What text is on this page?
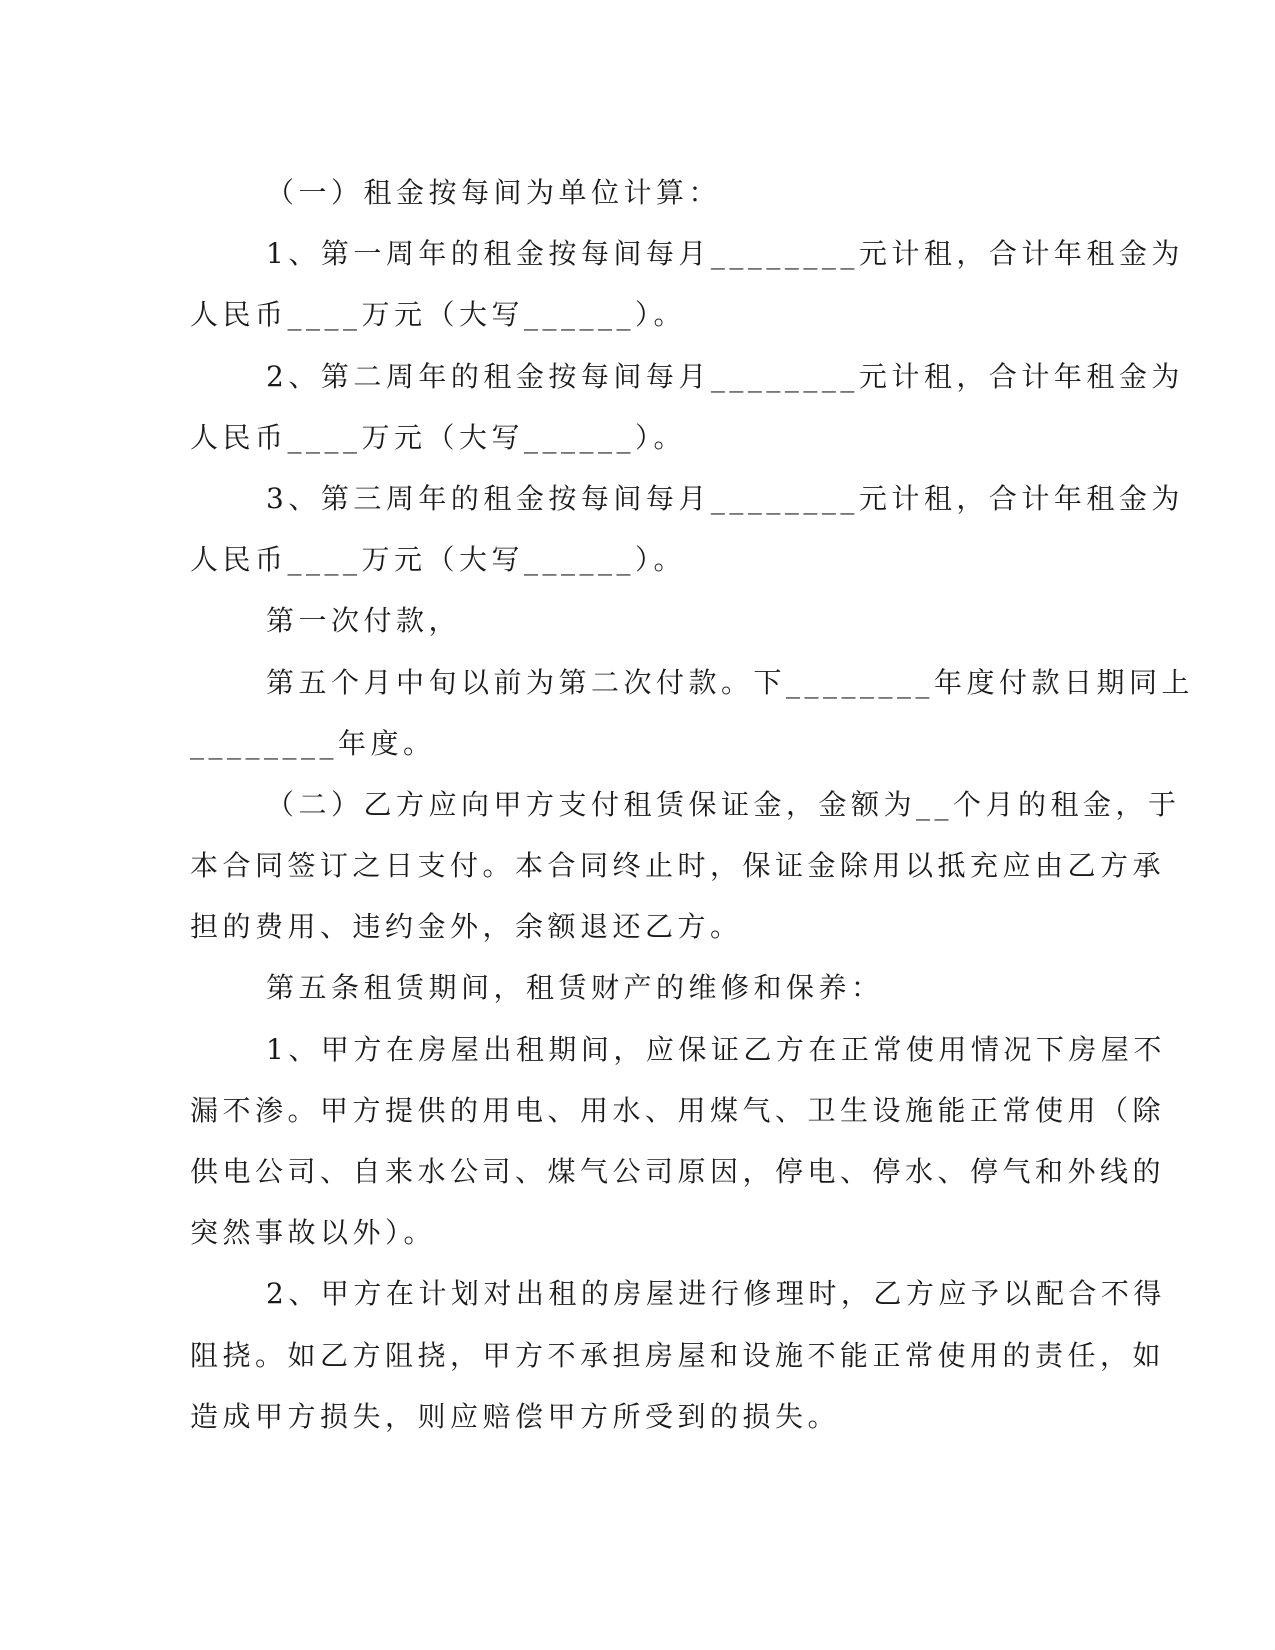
（一）租金按每间为单位计算：
1、第一周年的租金按每间每月________元计租，合计年租金为
人民币____万元（大写______）。
2、第二周年的租金按每间每月________元计租，合计年租金为
人民币____万元（大写______）。
3、第三周年的租金按每间每月________元计租，合计年租金为
人民币____万元（大写______）。
第一次付款，
第五个月中旬以前为第二次付款。下________年度付款日期同上
________年度。
（二）乙方应向甲方支付租赁保证金，金额为__个月的租金，于
本合同签订之日支付。本合同终止时，保证金除用以抵充应由乙方承
担的费用、违约金外，余额退还乙方。
第五条租赁期间，租赁财产的维修和保养：
1、甲方在房屋出租期间，应保证乙方在正常使用情况下房屋不
漏不渗。甲方提供的用电、用水、用煤气、卫生设施能正常使用（除
供电公司、自来水公司、煤气公司原因，停电、停水、停气和外线的
突然事故以外）。
2、甲方在计划对出租的房屋进行修理时，乙方应予以配合不得
阻挠。如乙方阻挠，甲方不承担房屋和设施不能正常使用的责任，如
造成甲方损失，则应赔偿甲方所受到的损失。
